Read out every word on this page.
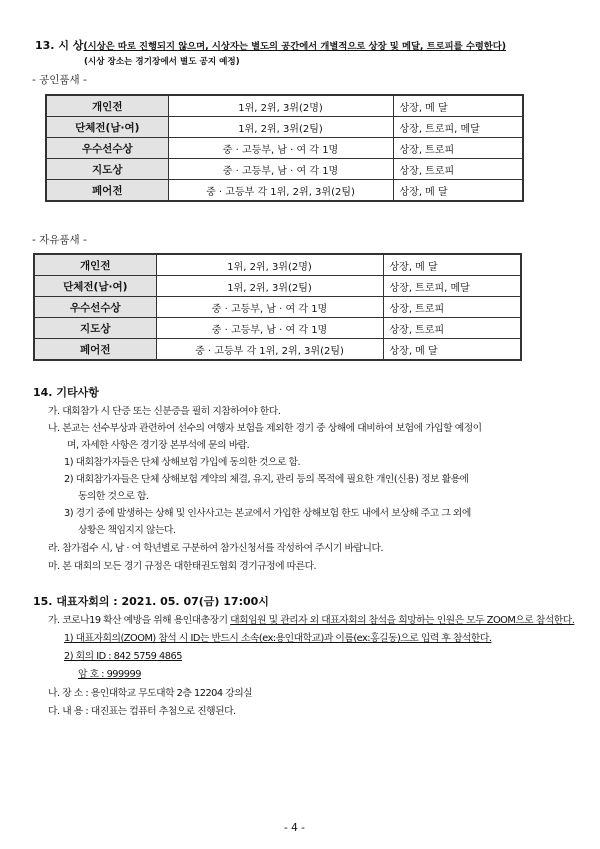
13. 시 상(시상은 따로 진행되지 않으며, 시상자는 별도의 공간에서 개별적으로 상장 및 메달, 트로피를 수령한다)
(시상 장소는 경기장에서 별도 공지 예정)
- 공인품새 -
개인전	1위, 2위, 3위(2명)	상장, 메 달
단체전(남·여)	1위, 2위, 3위(2팀)	상장, 트로피, 메달
우수선수상	중 · 고등부, 남 · 여 각 1명	상장, 트로피
지도상	중 · 고등부, 남 · 여 각 1명	상장, 트로피
페어전	중 · 고등부 각 1위, 2위, 3위(2팀)	상장, 메 달
- 자유품새 -
개인전	1위, 2위, 3위(2명)	상장, 메 달
단체전(남·여)	1위, 2위, 3위(2팀)	상장, 트로피, 메달
우수선수상	중 · 고등부, 남 · 여 각 1명	상장, 트로피
지도상	중 · 고등부, 남 · 여 각 1명	상장, 트로피
페어전	중 · 고등부 각 1위, 2위, 3위(2팀)	상장, 메 달
14. 기타사항
가. 대회참가 시 단증 또는 신분증을 필히 지참하여야 한다.
나. 본교는 선수부상과 관련하여 선수의 여행자 보험을 제외한 경기 중 상해에 대비하여 보험에 가입할 예정이
며, 자세한 사항은 경기장 본부석에 문의 바람.
1) 대회참가자들은 단체 상해보험 가입에 동의한 것으로 함.
2) 대회참가자들은 단체 상해보험 계약의 체결, 유지, 관리 등의 목적에 필요한 개인(신용) 정보 활용에
동의한 것으로 함.
3) 경기 중에 발생하는 상해 및 인사사고는 본교에서 가입한 상해보험 한도 내에서 보상해 주고 그 외에
상황은 책임지지 않는다.
라. 참가접수 시, 남 · 여 학년별로 구분하여 참가신청서를 작성하여 주시기 바랍니다.
마. 본 대회의 모든 경기 규정은 대한태권도협회 경기규정에 따른다.
15. 대표자회의 : 2021. 05. 07(금) 17:00시
가. 코로나19 확산 예방을 위해 용인대총장기 대회임원 및 관리자 외 대표자회의 참석을 희망하는 인원은 모두 ZOOM으로 참석한다.
1) 대표자회의(ZOOM) 참석 시 ID는 반드시 소속(ex:용인대학교)과 이름(ex:홍길동)으로 입력 후 참석한다.
2) 회의 ID : 842 5759 4865
암 호 : 999999
나. 장 소 : 용인대학교 무도대학 2층 12204 강의실
다. 내 용 : 대진표는 컴퓨터 추첨으로 진행된다.
- 4 -
